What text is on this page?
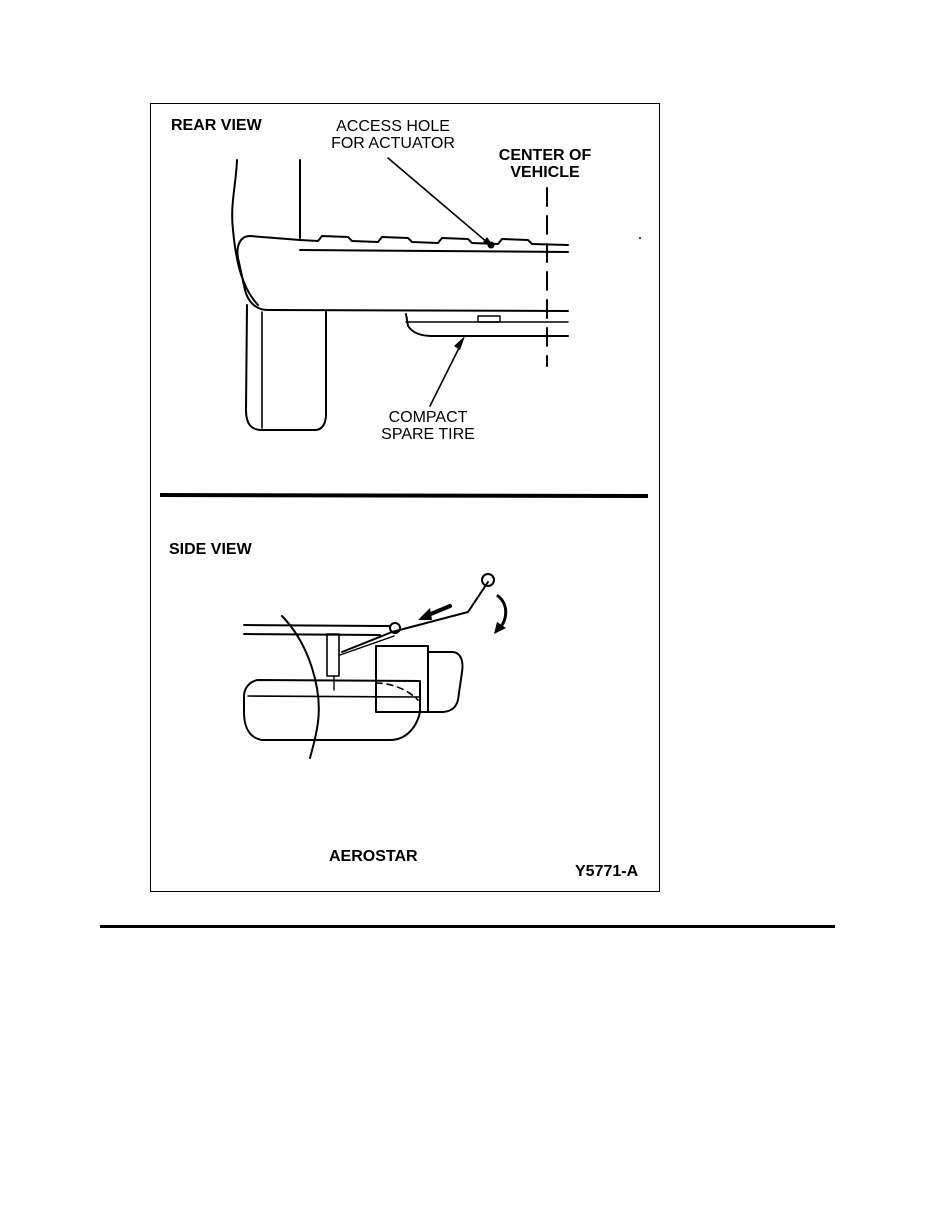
REAR VIEW	ACCESS HOLE
FOR ACTUATOR
CENTER OF
VEHICLE
COMPACT
SPARE TIRE
SIDE VIEW
AEROSTAR
Y5771-A
